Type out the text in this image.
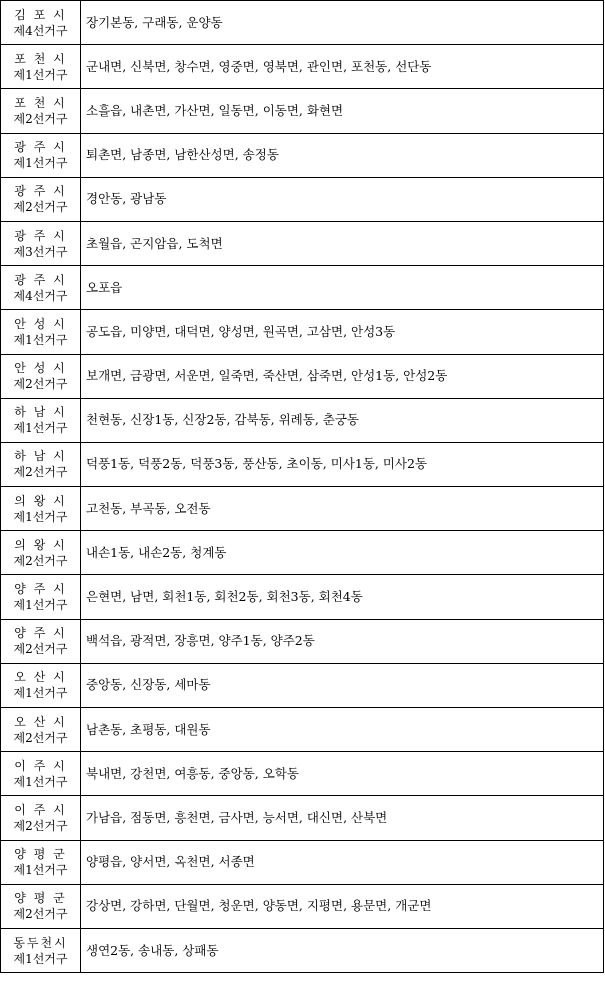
김 포 시
제4선거구	장기본동, 구래동, 운양동

포 천 시
제1선거구	군내면, 신북면, 창수면, 영중면, 영북면, 관인면, 포천동, 선단동

포 천 시
제2선거구	소흘읍, 내촌면, 가산면, 일동면, 이동면, 화현면

광 주 시
제1선거구	퇴촌면, 남종면, 남한산성면, 송정동

광 주 시
제2선거구	경안동, 광남동

광 주 시
제3선거구	초월읍, 곤지암읍, 도척면

광 주 시
제4선거구	오포읍

안 성 시
제1선거구	공도읍, 미양면, 대덕면, 양성면, 원곡면, 고삼면, 안성3동

안 성 시
제2선거구	보개면, 금광면, 서운면, 일죽면, 죽산면, 삼죽면, 안성1동, 안성2동

하 남 시
제1선거구	천현동, 신장1동, 신장2동, 감북동, 위례동, 춘궁동

하 남 시
제2선거구	덕풍1동, 덕풍2동, 덕풍3동, 풍산동, 초이동, 미사1동, 미사2동

의 왕 시
제1선거구	고천동, 부곡동, 오전동

의 왕 시
제2선거구	내손1동, 내손2동, 청계동

양 주 시
제1선거구	은현면, 남면, 회천1동, 회천2동, 회천3동, 회천4동

양 주 시
제2선거구	백석읍, 광적면, 장흥면, 양주1동, 양주2동

오 산 시
제1선거구	중앙동, 신장동, 세마동

오 산 시
제2선거구	남촌동, 초평동, 대원동

이 주 시
제1선거구	북내면, 강천면, 여흥동, 중앙동, 오학동

이 주 시
제2선거구	가남읍, 점동면, 흥천면, 금사면, 능서면, 대신면, 산북면

양 평 군
제1선거구	양평읍, 양서면, 옥천면, 서종면

양 평 군
제2선거구	강상면, 강하면, 단월면, 청운면, 양동면, 지평면, 용문면, 개군면

동두천시
제1선거구	생연2동, 송내동, 상패동
